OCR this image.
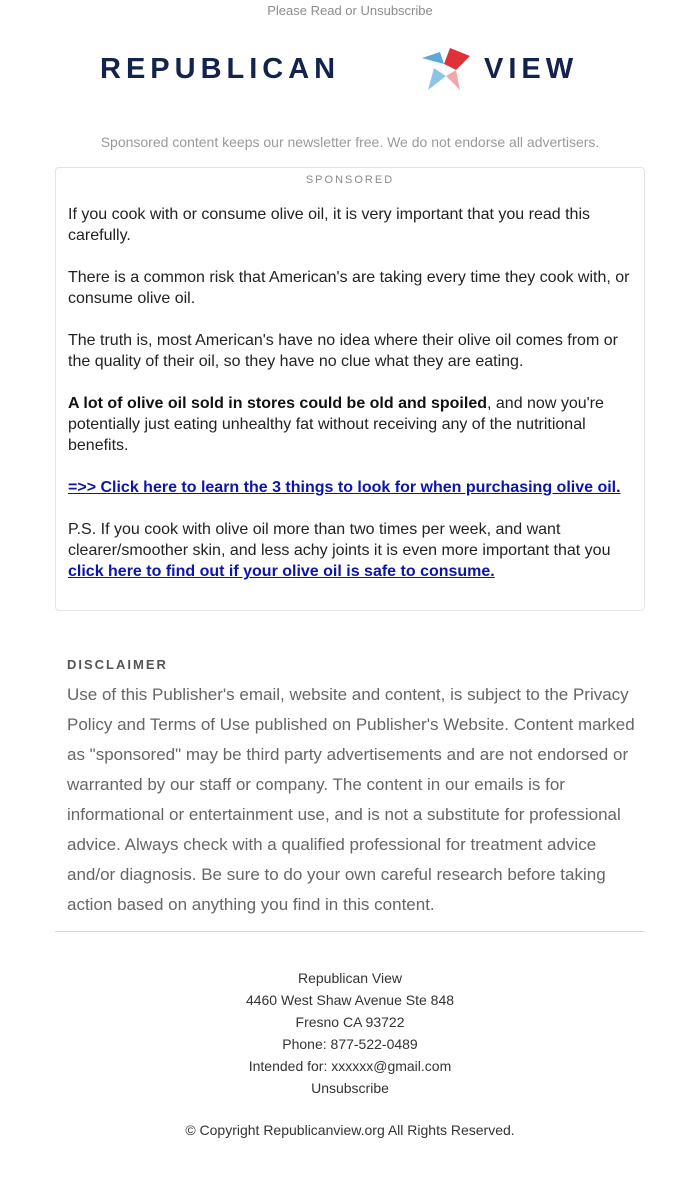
Please Read or Unsubscribe
REPUBLICAN	VIEW
Sponsored content keeps our newsletter free. We do not endorse all advertisers.
SPONSORED

If you cook with or consume olive oil, it is very important that you read this carefully.

There is a common risk that American's are taking every time they cook with, or consume olive oil.

The truth is, most American's have no idea where their olive oil comes from or the quality of their oil, so they have no clue what they are eating.

A lot of olive oil sold in stores could be old and spoiled, and now you're potentially just eating unhealthy fat without receiving any of the nutritional benefits.

=>> Click here to learn the 3 things to look for when purchasing olive oil.

P.S. If you cook with olive oil more than two times per week, and want clearer/smoother skin, and less achy joints it is even more important that you click here to find out if your olive oil is safe to consume.

DISCLAIMER
Use of this Publisher's email, website and content, is subject to the Privacy Policy and Terms of Use published on Publisher's Website. Content marked as "sponsored" may be third party advertisements and are not endorsed or warranted by our staff or company. The content in our emails is for informational or entertainment use, and is not a substitute for professional advice. Always check with a qualified professional for treatment advice and/or diagnosis. Be sure to do your own careful research before taking action based on anything you find in this content.
Republican View
4460 West Shaw Avenue Ste 848
Fresno CA 93722
Phone: 877-522-0489
Intended for: xxxxxx@gmail.com
Unsubscribe
© Copyright Republicanview.org All Rights Reserved.
